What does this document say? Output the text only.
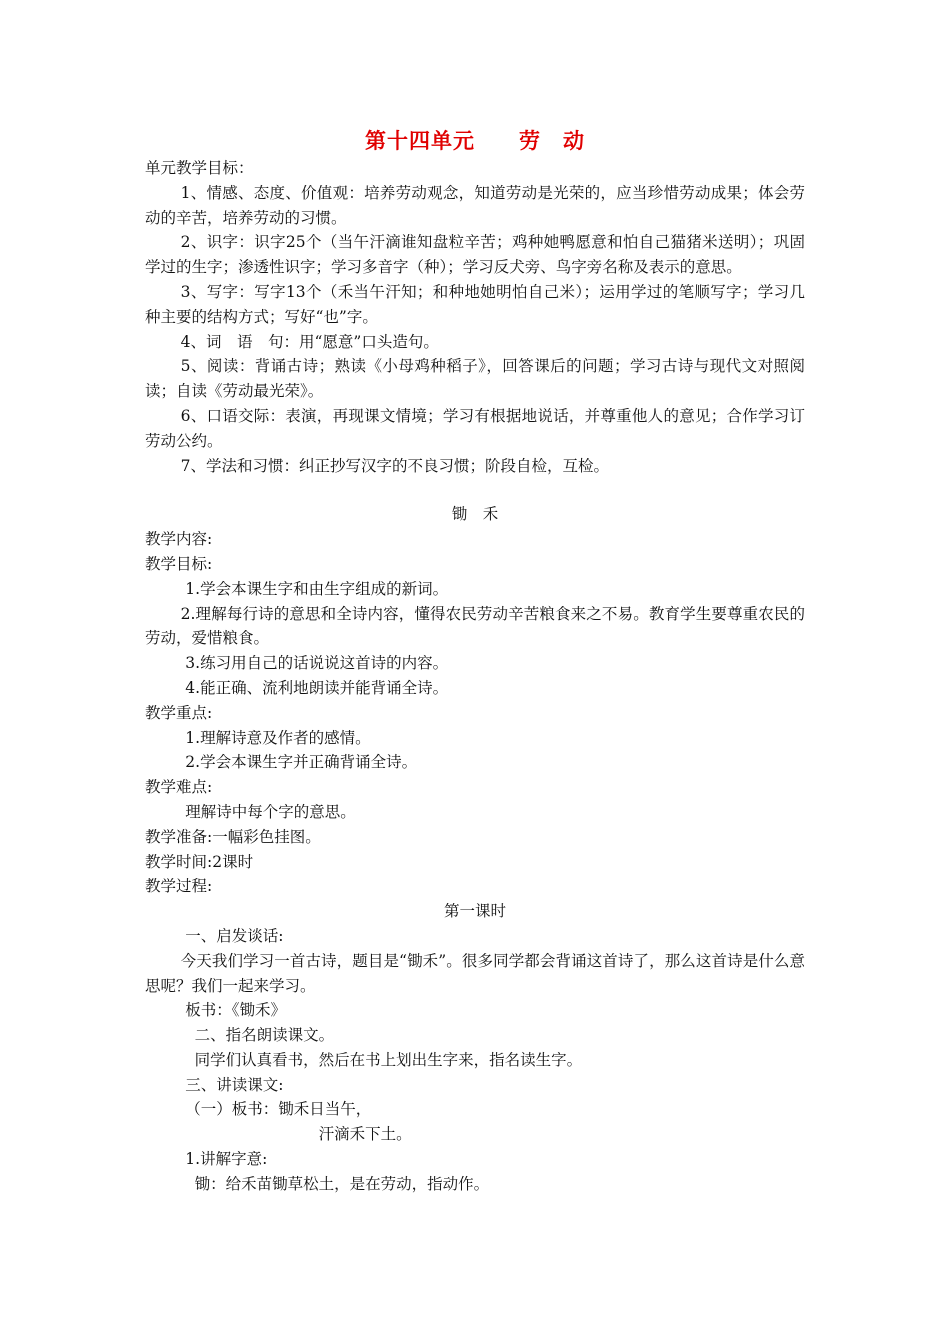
第十四单元　　劳　动

单元教学目标：

1、情感、态度、价值观：培养劳动观念，知道劳动是光荣的，应当珍惜劳动成果；体会劳动的辛苦，培养劳动的习惯。

2、识字：识字25个（当午汗滴谁知盘粒辛苦；鸡种她鸭愿意和怕自己猫猪米送明）；巩固学过的生字；渗透性识字；学习多音字（种）；学习反犬旁、鸟字旁名称及表示的意思。

3、写字：写字13个（禾当午汗知；和种地她明怕自己米）；运用学过的笔顺写字；学习几种主要的结构方式；写好“也”字。

4、词　语　句：用“愿意”口头造句。

5、阅读：背诵古诗；熟读《小母鸡种稻子》，回答课后的问题；学习古诗与现代文对照阅读；自读《劳动最光荣》。

6、口语交际：表演，再现课文情境；学习有根据地说话，并尊重他人的意见；合作学习订劳动公约。

7、学法和习惯：纠正抄写汉字的不良习惯；阶段自检，互检。

锄　禾

教学内容:

教学目标:

1.学会本课生字和由生字组成的新词。

2.理解每行诗的意思和全诗内容，懂得农民劳动辛苦粮食来之不易。教育学生要尊重农民的劳动，爱惜粮食。

3.练习用自己的话说说这首诗的内容。

4.能正确、流利地朗读并能背诵全诗。

教学重点:

1.理解诗意及作者的感情。

2.学会本课生字并正确背诵全诗。

教学难点:

理解诗中每个字的意思。

教学准备:一幅彩色挂图。

教学时间:2课时

教学过程:

第一课时

一、启发谈话:

今天我们学习一首古诗，题目是“锄禾”。很多同学都会背诵这首诗了，那么这首诗是什么意思呢？我们一起来学习。

板书：《锄禾》

二、指名朗读课文。

同学们认真看书，然后在书上划出生字来，指名读生字。

三、讲读课文:

（一）板书：锄禾日当午，

汗滴禾下土。

1.讲解字意:

锄：给禾苗锄草松土，是在劳动，指动作。
